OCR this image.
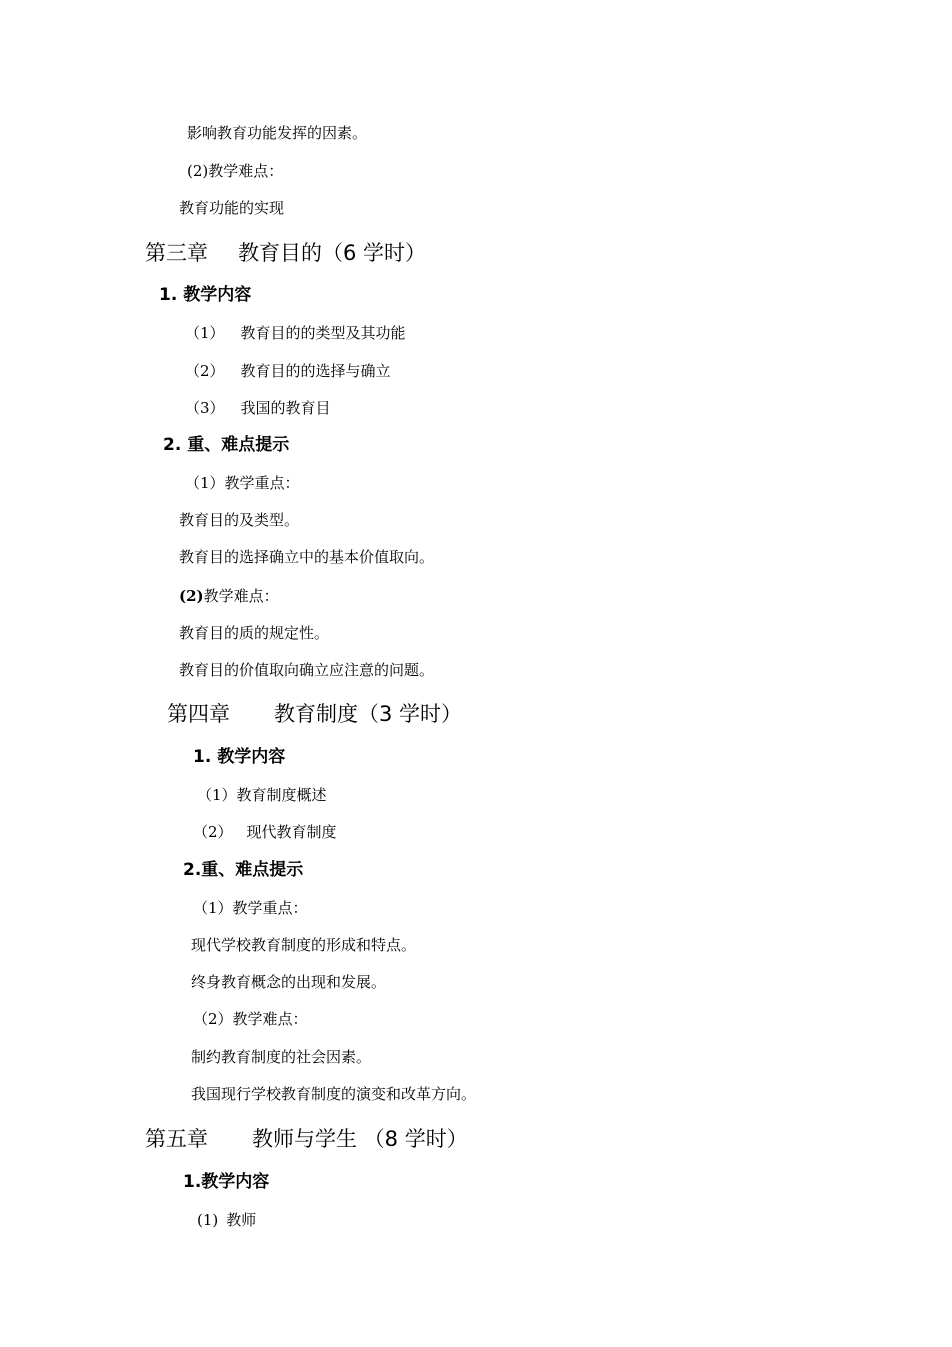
影响教育功能发挥的因素。
(2)教学难点：
教育功能的实现
第三章 教育目的（6 学时）
1. 教学内容
（1） 教育目的的类型及其功能
（2） 教育目的的选择与确立
（3） 我国的教育目
2. 重、难点提示
（1）教学重点：
教育目的及类型。
教育目的选择确立中的基本价值取向。
(2)教学难点：
教育目的质的规定性。
教育目的价值取向确立应注意的问题。
第四章 教育制度（3 学时）
1. 教学内容
（1）教育制度概述
（2） 现代教育制度
2.重、难点提示
（1）教学重点：
现代学校教育制度的形成和特点。
终身教育概念的出现和发展。
（2）教学难点：
制约教育制度的社会因素。
我国现行学校教育制度的演变和改革方向。
第五章 教师与学生 （8 学时）
1.教学内容
(1) 教师
